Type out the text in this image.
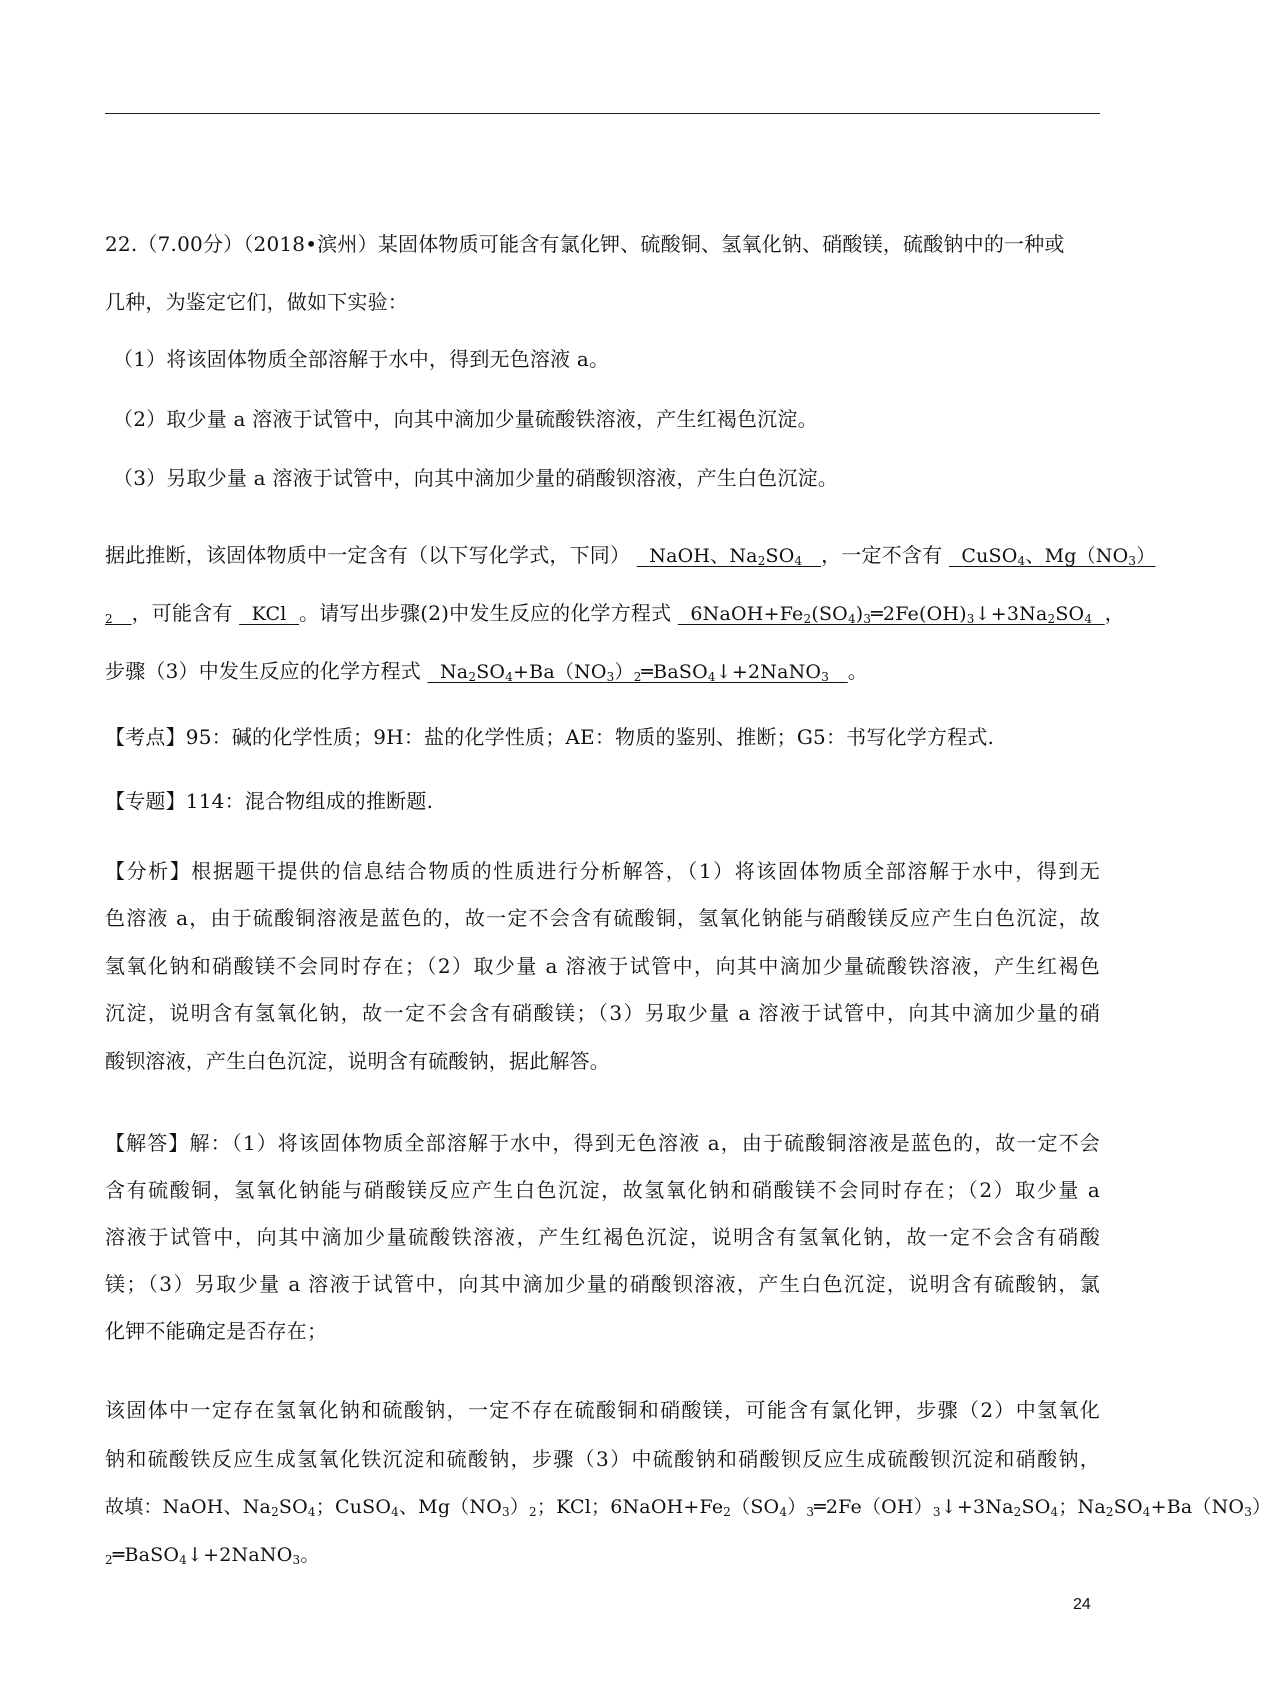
22.（7.00分）（2018•滨州）某固体物质可能含有氯化钾、硫酸铜、氢氧化钠、硝酸镁，硫酸钠中的一种或
几种，为鉴定它们，做如下实验：
（1）将该固体物质全部溶解于水中，得到无色溶液 a。
（2）取少量 a 溶液于试管中，向其中滴加少量硫酸铁溶液，产生红褐色沉淀。
（3）另取少量 a 溶液于试管中，向其中滴加少量的硝酸钡溶液，产生白色沉淀。
据此推断，该固体物质中一定含有（以下写化学式，下同） NaOH、$Na_2SO_4$ ，一定不含有 CuSO$_4$、$Mg(NO_3)$
$_2$ ，可能含有 KCl 。请写出步骤(2)中发生反应的化学方程式 $6NaOH+Fe_2(SO_4)_3═2Fe(OH)_3↓+3Na_2SO_4$ ，
步骤（3）中发生反应的化学方程式 $Na_2SO_4+Ba(NO_3)_2═BaSO_4↓+2NaNO_3$ 。
【考点】95：碱的化学性质；9H：盐的化学性质；AE：物质的鉴别、推断；G5：书写化学方程式.
【专题】114：混合物组成的推断题.
【分析】根据题干提供的信息结合物质的性质进行分析解答，（1）将该固体物质全部溶解于水中，得到无
色溶液 a，由于硫酸铜溶液是蓝色的，故一定不会含有硫酸铜，氢氧化钠能与硝酸镁反应产生白色沉淀，故
氢氧化钠和硝酸镁不会同时存在；（2）取少量 a 溶液于试管中，向其中滴加少量硫酸铁溶液，产生红褐色
沉淀，说明含有氢氧化钠，故一定不会含有硝酸镁；（3）另取少量 a 溶液于试管中，向其中滴加少量的硝
酸钡溶液，产生白色沉淀，说明含有硫酸钠，据此解答。
【解答】解：（1）将该固体物质全部溶解于水中，得到无色溶液 a，由于硫酸铜溶液是蓝色的，故一定不会
含有硫酸铜，氢氧化钠能与硝酸镁反应产生白色沉淀，故氢氧化钠和硝酸镁不会同时存在；（2）取少量 a
溶液于试管中，向其中滴加少量硫酸铁溶液，产生红褐色沉淀，说明含有氢氧化钠，故一定不会含有硝酸
镁；（3）另取少量 a 溶液于试管中，向其中滴加少量的硝酸钡溶液，产生白色沉淀，说明含有硫酸钠，氯
化钾不能确定是否存在；
该固体中一定存在氢氧化钠和硫酸钠，一定不存在硫酸铜和硝酸镁，可能含有氯化钾，步骤（2）中氢氧化
钠和硫酸铁反应生成氢氧化铁沉淀和硫酸钠，步骤（3）中硫酸钠和硝酸钡反应生成硫酸钡沉淀和硝酸钠，
故填：NaOH、$Na_2SO_4$；CuSO$_4$、$Mg(NO_3)_2$；KCl；$6NaOH+Fe_2(SO_4)_3═2Fe(OH)_3↓+3Na_2SO_4$；$Na_2SO_4+Ba(NO_3)$
$_2$═BaSO$_4$↓+2NaNO$_3$。
24
